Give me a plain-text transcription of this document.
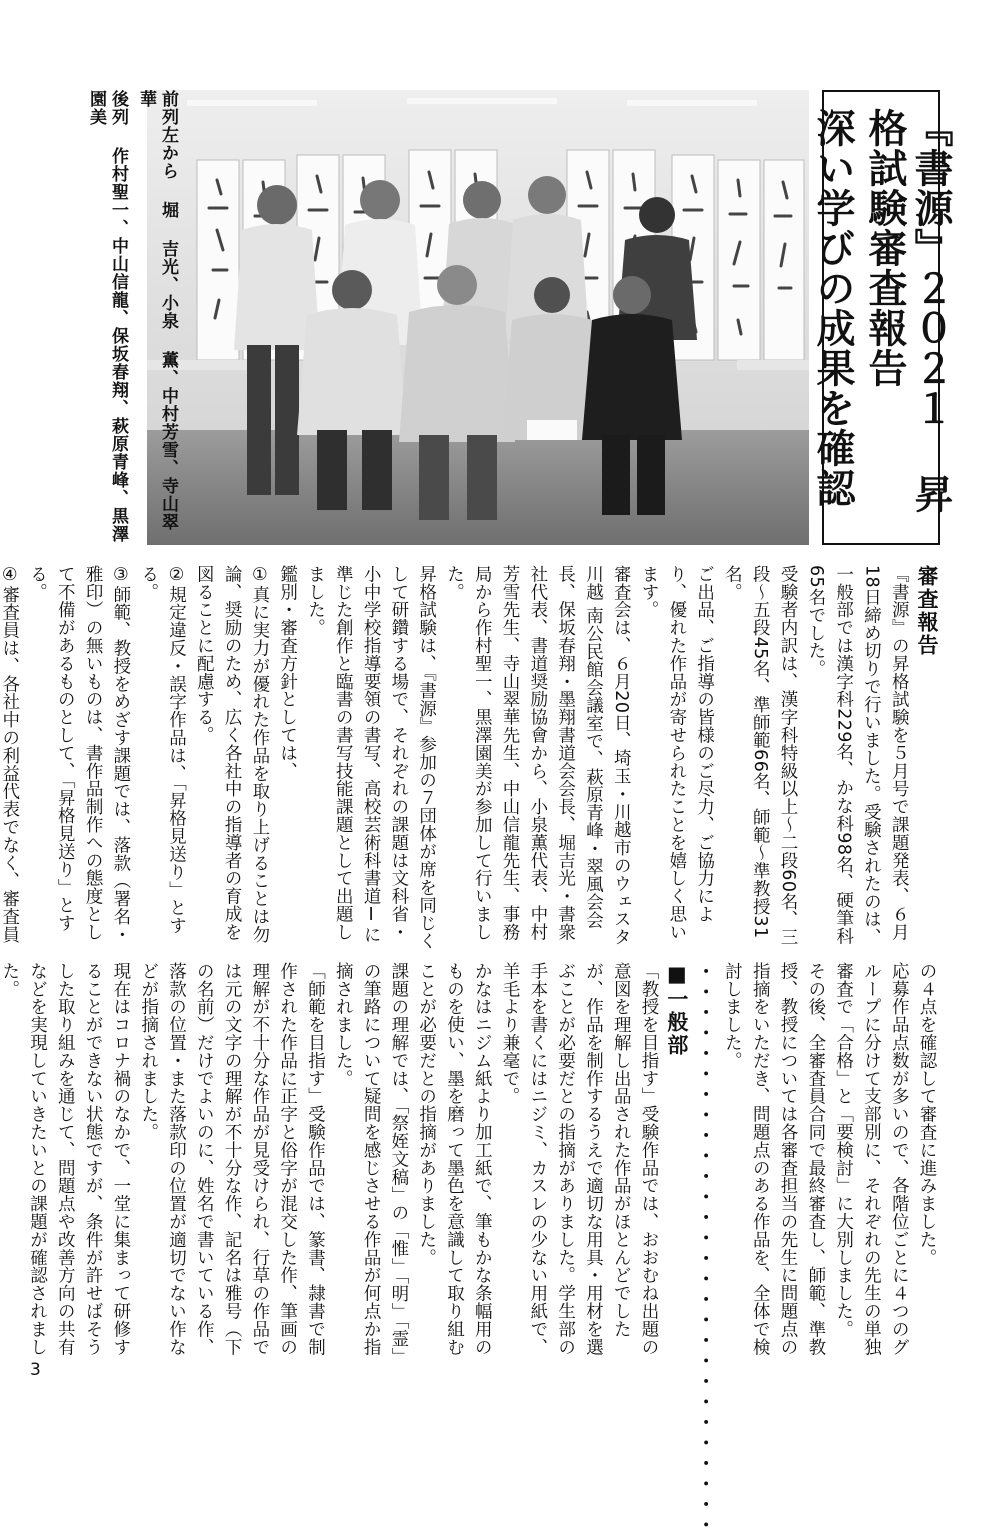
『書源』２０２１ 昇格試験審査報告
深い学びの成果を確認
前列左から 堀 吉光、小泉 薫、中村芳雪、寺山翠華
後列 作村聖一、中山信龍、保坂春翔、萩原青峰、黒澤園美

審査報告

『書源』の昇格試験を５月号で課題発表、６月18日締め切りで行いました。受験されたのは、一般部では漢字科229名、かな科98名、硬筆科65名でした。

受験者内訳は、漢字科特級以上〜二段60名、三段〜五段45名、準師範66名、師範〜準教授31名。

ご出品、ご指導の皆様のご尽力、ご協力により、優れた作品が寄せられたことを嬉しく思います。

審査会は、６月20日、埼玉・川越市のウェスタ川越 南公民館会議室で、萩原青峰・翠風会会長、保坂春翔・墨翔書道会会長、堀吉光・書衆社代表、書道奨励協會から、小泉薫代表、中村芳雪先生、寺山翠華先生、中山信龍先生、事務局から作村聖一、黒澤園美が参加して行いました。

昇格試験は、『書源』参加の７団体が席を同じくして研鑽する場で、それぞれの課題は文科省・小中学校指導要領の書写、高校芸術科書道Ⅰに準じた創作と臨書の書写技能課題として出題しました。

鑑別・審査方針としては、

①真に実力が優れた作品を取り上げることは勿論、奨励のため、広く各社中の指導者の育成を図ることに配慮する。

②規定違反・誤字作品は、「昇格見送り」とする。

③師範、教授をめざす課題では、落款（署名・雅印）の無いものは、書作品制作への態度として不備があるものとして、「昇格見送り」とする。

④審査員は、各社中の利益代表でなく、審査員

の４点を確認して審査に進みました。

応募作品点数が多いので、各階位ごとに４つのグループに分けて支部別に、それぞれの先生の単独審査で「合格」と「要検討」に大別しました。

その後、全審査員合同で最終審査し、師範、準教授、教授については各審査担当の先生に問題点の指摘をいただき、問題点のある作品を、全体で検討しました。

・・・・・・・・・・・・・・・・・・・・・・・・・・・・

■一般部

「教授を目指す」受験作品では、おおむね出題の意図を理解し出品された作品がほとんどでしたが、作品を制作するうえで適切な用具・用材を選ぶことが必要だとの指摘がありました。学生部の手本を書くにはニジミ、カスレの少ない用紙で、羊毛より兼毫で。

かなはニジム紙より加工紙で、筆もかな条幅用のものを使い、墨を磨って墨色を意識して取り組むことが必要だとの指摘がありました。

課題の理解では、「祭姪文稿」の「惟」「明」「霊」の筆路について疑問を感じさせる作品が何点か指摘されました。

「師範を目指す」受験作品では、篆書、隷書で制作された作品に正字と俗字が混交した作、筆画の理解が不十分な作品が見受けられ、行草の作品では元の文字の理解が不十分な作、記名は雅号（下の名前）だけでよいのに、姓名で書いている作、落款の位置・また落款印の位置が適切でない作などが指摘されました。

現在はコロナ禍のなかで、一堂に集まって研修することができない状態ですが、条件が許せばそうした取り組みを通じて、問題点や改善方向の共有などを実現していきたいとの課題が確認されました。

3
